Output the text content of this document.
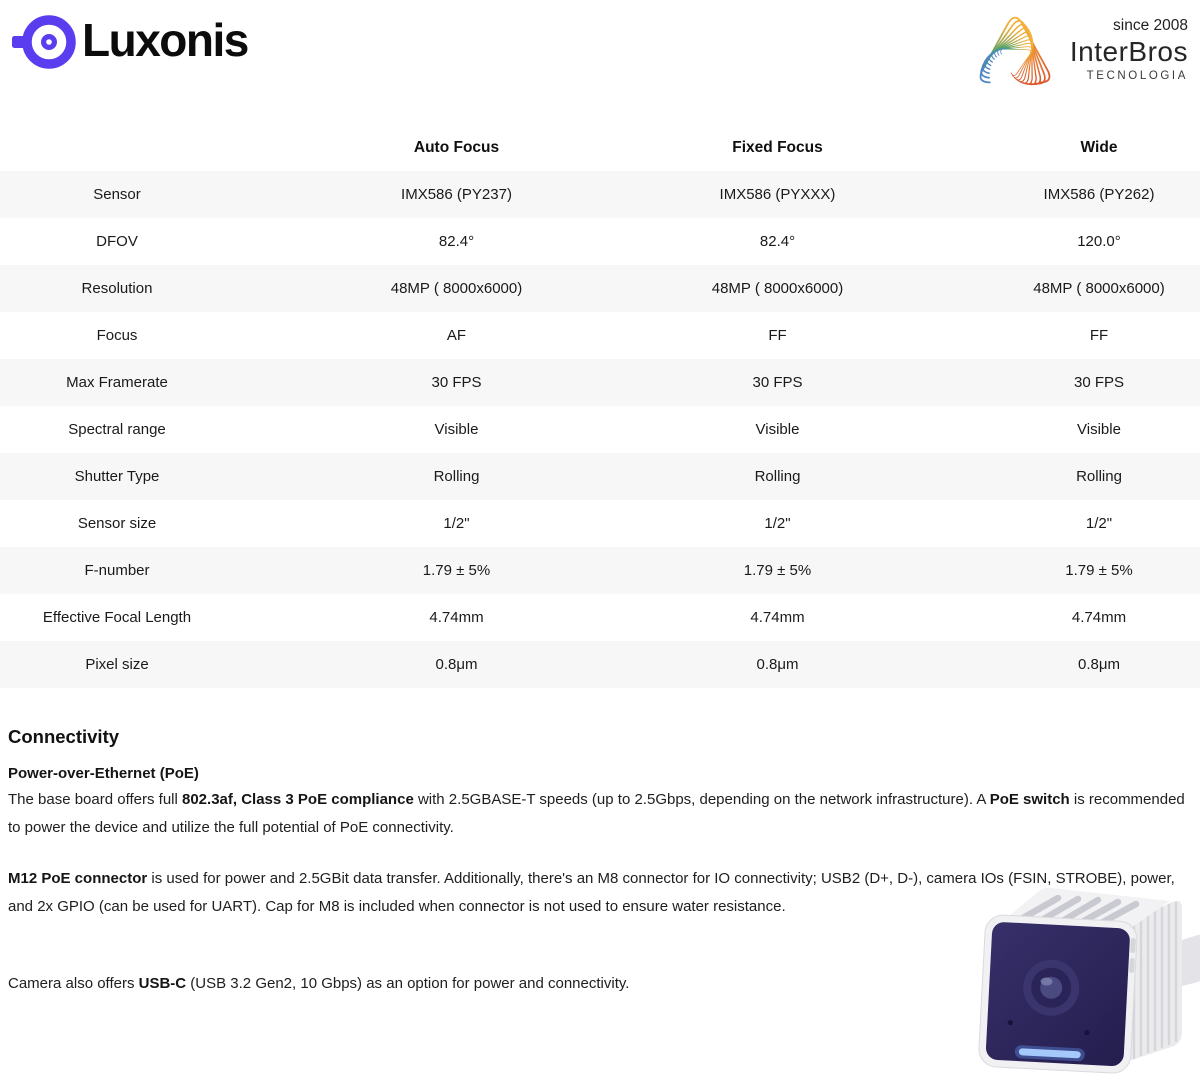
Luxonis	since 2008
InterBros
TECNOLOGIA
	Auto Focus	Fixed Focus	Wide
Sensor	IMX586 (PY237)	IMX586 (PYXXX)	IMX586 (PY262)
DFOV	82.4°	82.4°	120.0°
Resolution	48MP ( 8000x6000)	48MP ( 8000x6000)	48MP ( 8000x6000)
Focus	AF	FF	FF
Max Framerate	30 FPS	30 FPS	30 FPS
Spectral range	Visible	Visible	Visible
Shutter Type	Rolling	Rolling	Rolling
Sensor size	1/2"	1/2"	1/2"
F-number	1.79 ± 5%	1.79 ± 5%	1.79 ± 5%
Effective Focal Length	4.74mm	4.74mm	4.74mm
Pixel size	0.8μm	0.8μm	0.8μm
Connectivity
Power-over-Ethernet (PoE)

The base board offers full 802.3af, Class 3 PoE compliance with 2.5GBASE-T speeds (up to 2.5Gbps, depending on the network infrastructure). A PoE switch is recommended to power the device and utilize the full potential of PoE connectivity.

M12 PoE connector is used for power and 2.5GBit data transfer. Additionally, there's an M8 connector for IO connectivity; USB2 (D+, D-), camera IOs (FSIN, STROBE), power, and 2x GPIO (can be used for UART). Cap for M8 is included when connector is not used to ensure water resistance.

Camera also offers USB-C (USB 3.2 Gen2, 10 Gbps) as an option for power and connectivity.
